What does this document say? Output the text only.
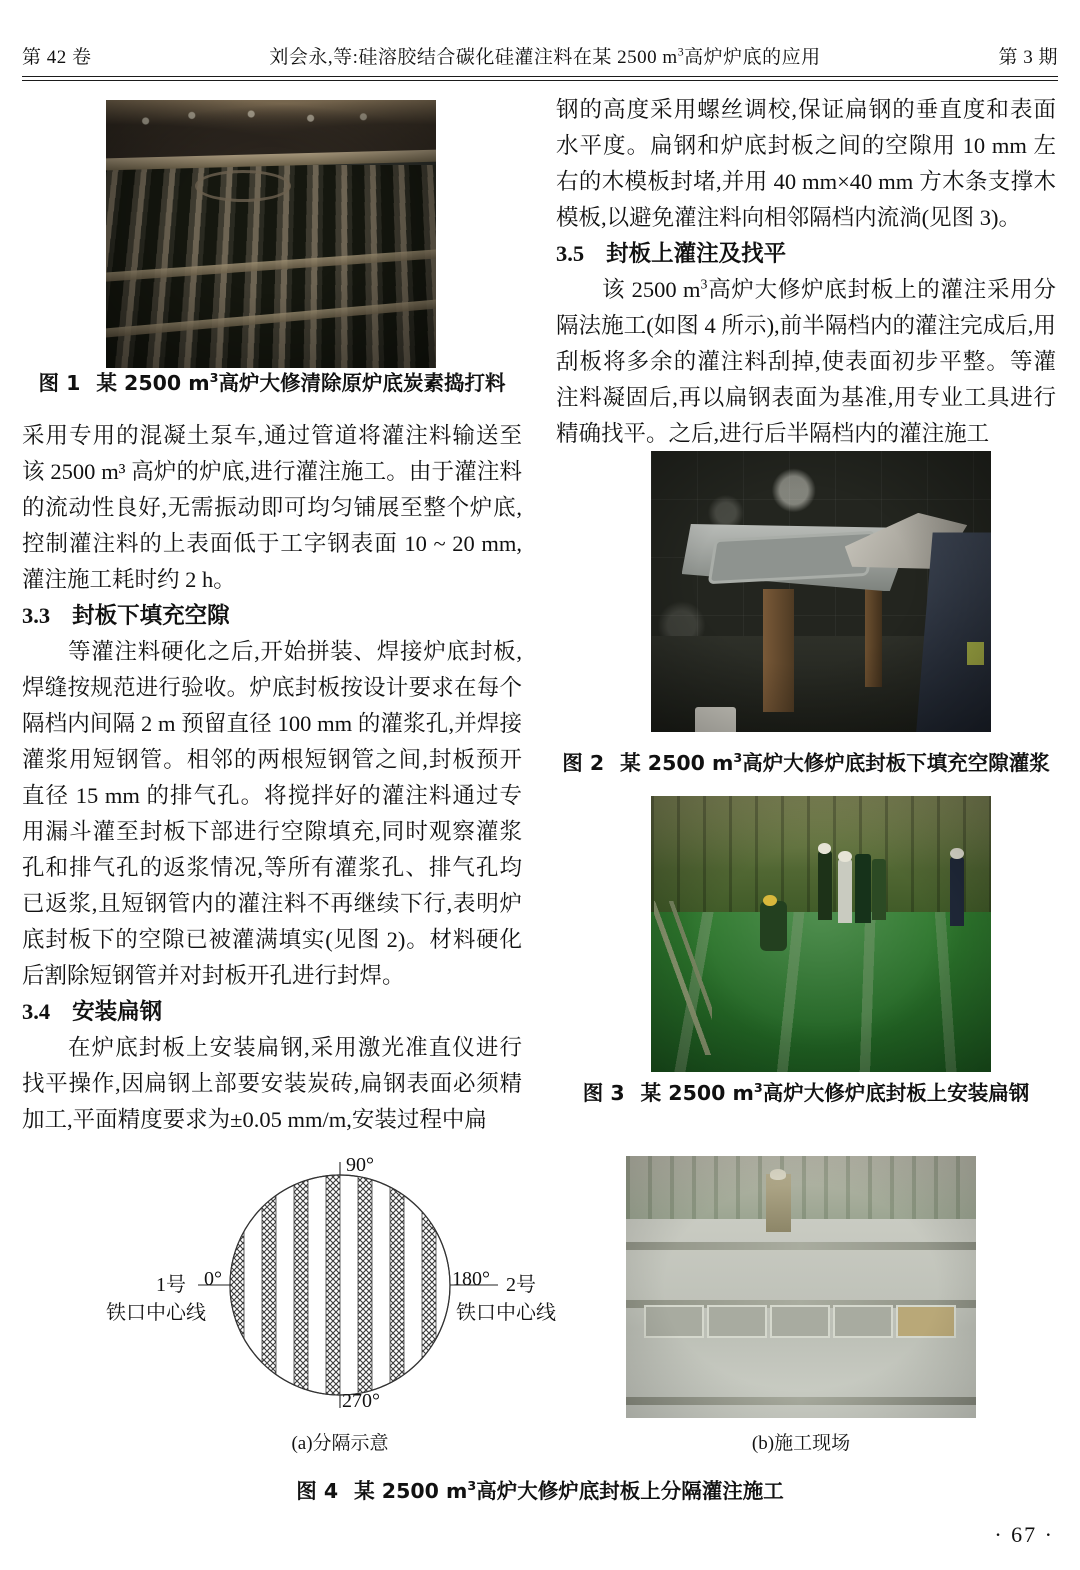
第 42 卷	刘会永,等:硅溶胶结合碳化硅灌注料在某 2500 $m^3$高炉炉底的应用	第 3 期
图 1 某 2500 $m^3$高炉大修清除原炉底炭素捣打料

采用专用的混凝土泵车,通过管道将灌注料输送至该 2500 m³ 高炉的炉底,进行灌注施工。由于灌注料的流动性良好,无需振动即可均匀铺展至整个炉底,控制灌注料的上表面低于工字钢表面 10 ~ 20 mm,灌注施工耗时约 2 h。

3.3 封板下填充空隙

等灌注料硬化之后,开始拼装、焊接炉底封板,焊缝按规范进行验收。炉底封板按设计要求在每个隔档内间隔 2 m 预留直径 100 mm 的灌浆孔,并焊接灌浆用短钢管。相邻的两根短钢管之间,封板预开直径 15 mm 的排气孔。将搅拌好的灌注料通过专用漏斗灌至封板下部进行空隙填充,同时观察灌浆孔和排气孔的返浆情况,等所有灌浆孔、排气孔均已返浆,且短钢管内的灌注料不再继续下行,表明炉底封板下的空隙已被灌满填实(见图 2)。材料硬化后割除短钢管并对封板开孔进行封焊。

3.4 安装扁钢

在炉底封板上安装扁钢,采用激光准直仪进行找平操作,因扁钢上部要安装炭砖,扁钢表面必须精加工,平面精度要求为±0.05 mm/m,安装过程中扁

钢的高度采用螺丝调校,保证扁钢的垂直度和表面水平度。扁钢和炉底封板之间的空隙用 10 mm 左右的木模板封堵,并用 40 mm×40 mm 方木条支撑木模板,以避免灌注料向相邻隔档内流淌(见图 3)。

3.5 封板上灌注及找平

该 2500 $m^3$高炉大修炉底封板上的灌注采用分隔法施工(如图 4 所示),前半隔档内的灌注完成后,用刮板将多余的灌注料刮掉,使表面初步平整。等灌注料凝固后,再以扁钢表面为基准,用专业工具进行精确找平。之后,进行后半隔档内的灌注施工

图 2 某 2500 $m^3$高炉大修炉底封板下填充空隙灌浆
图 3 某 2500 $m^3$高炉大修炉底封板上安装扁钢
90°
270°
0°
1号
铁口中心线
180° 2号
铁口中心线
(a)分隔示意	(b)施工现场
图 4 某 2500 $m^3$高炉大修炉底封板上分隔灌注施工
· 67 ·
